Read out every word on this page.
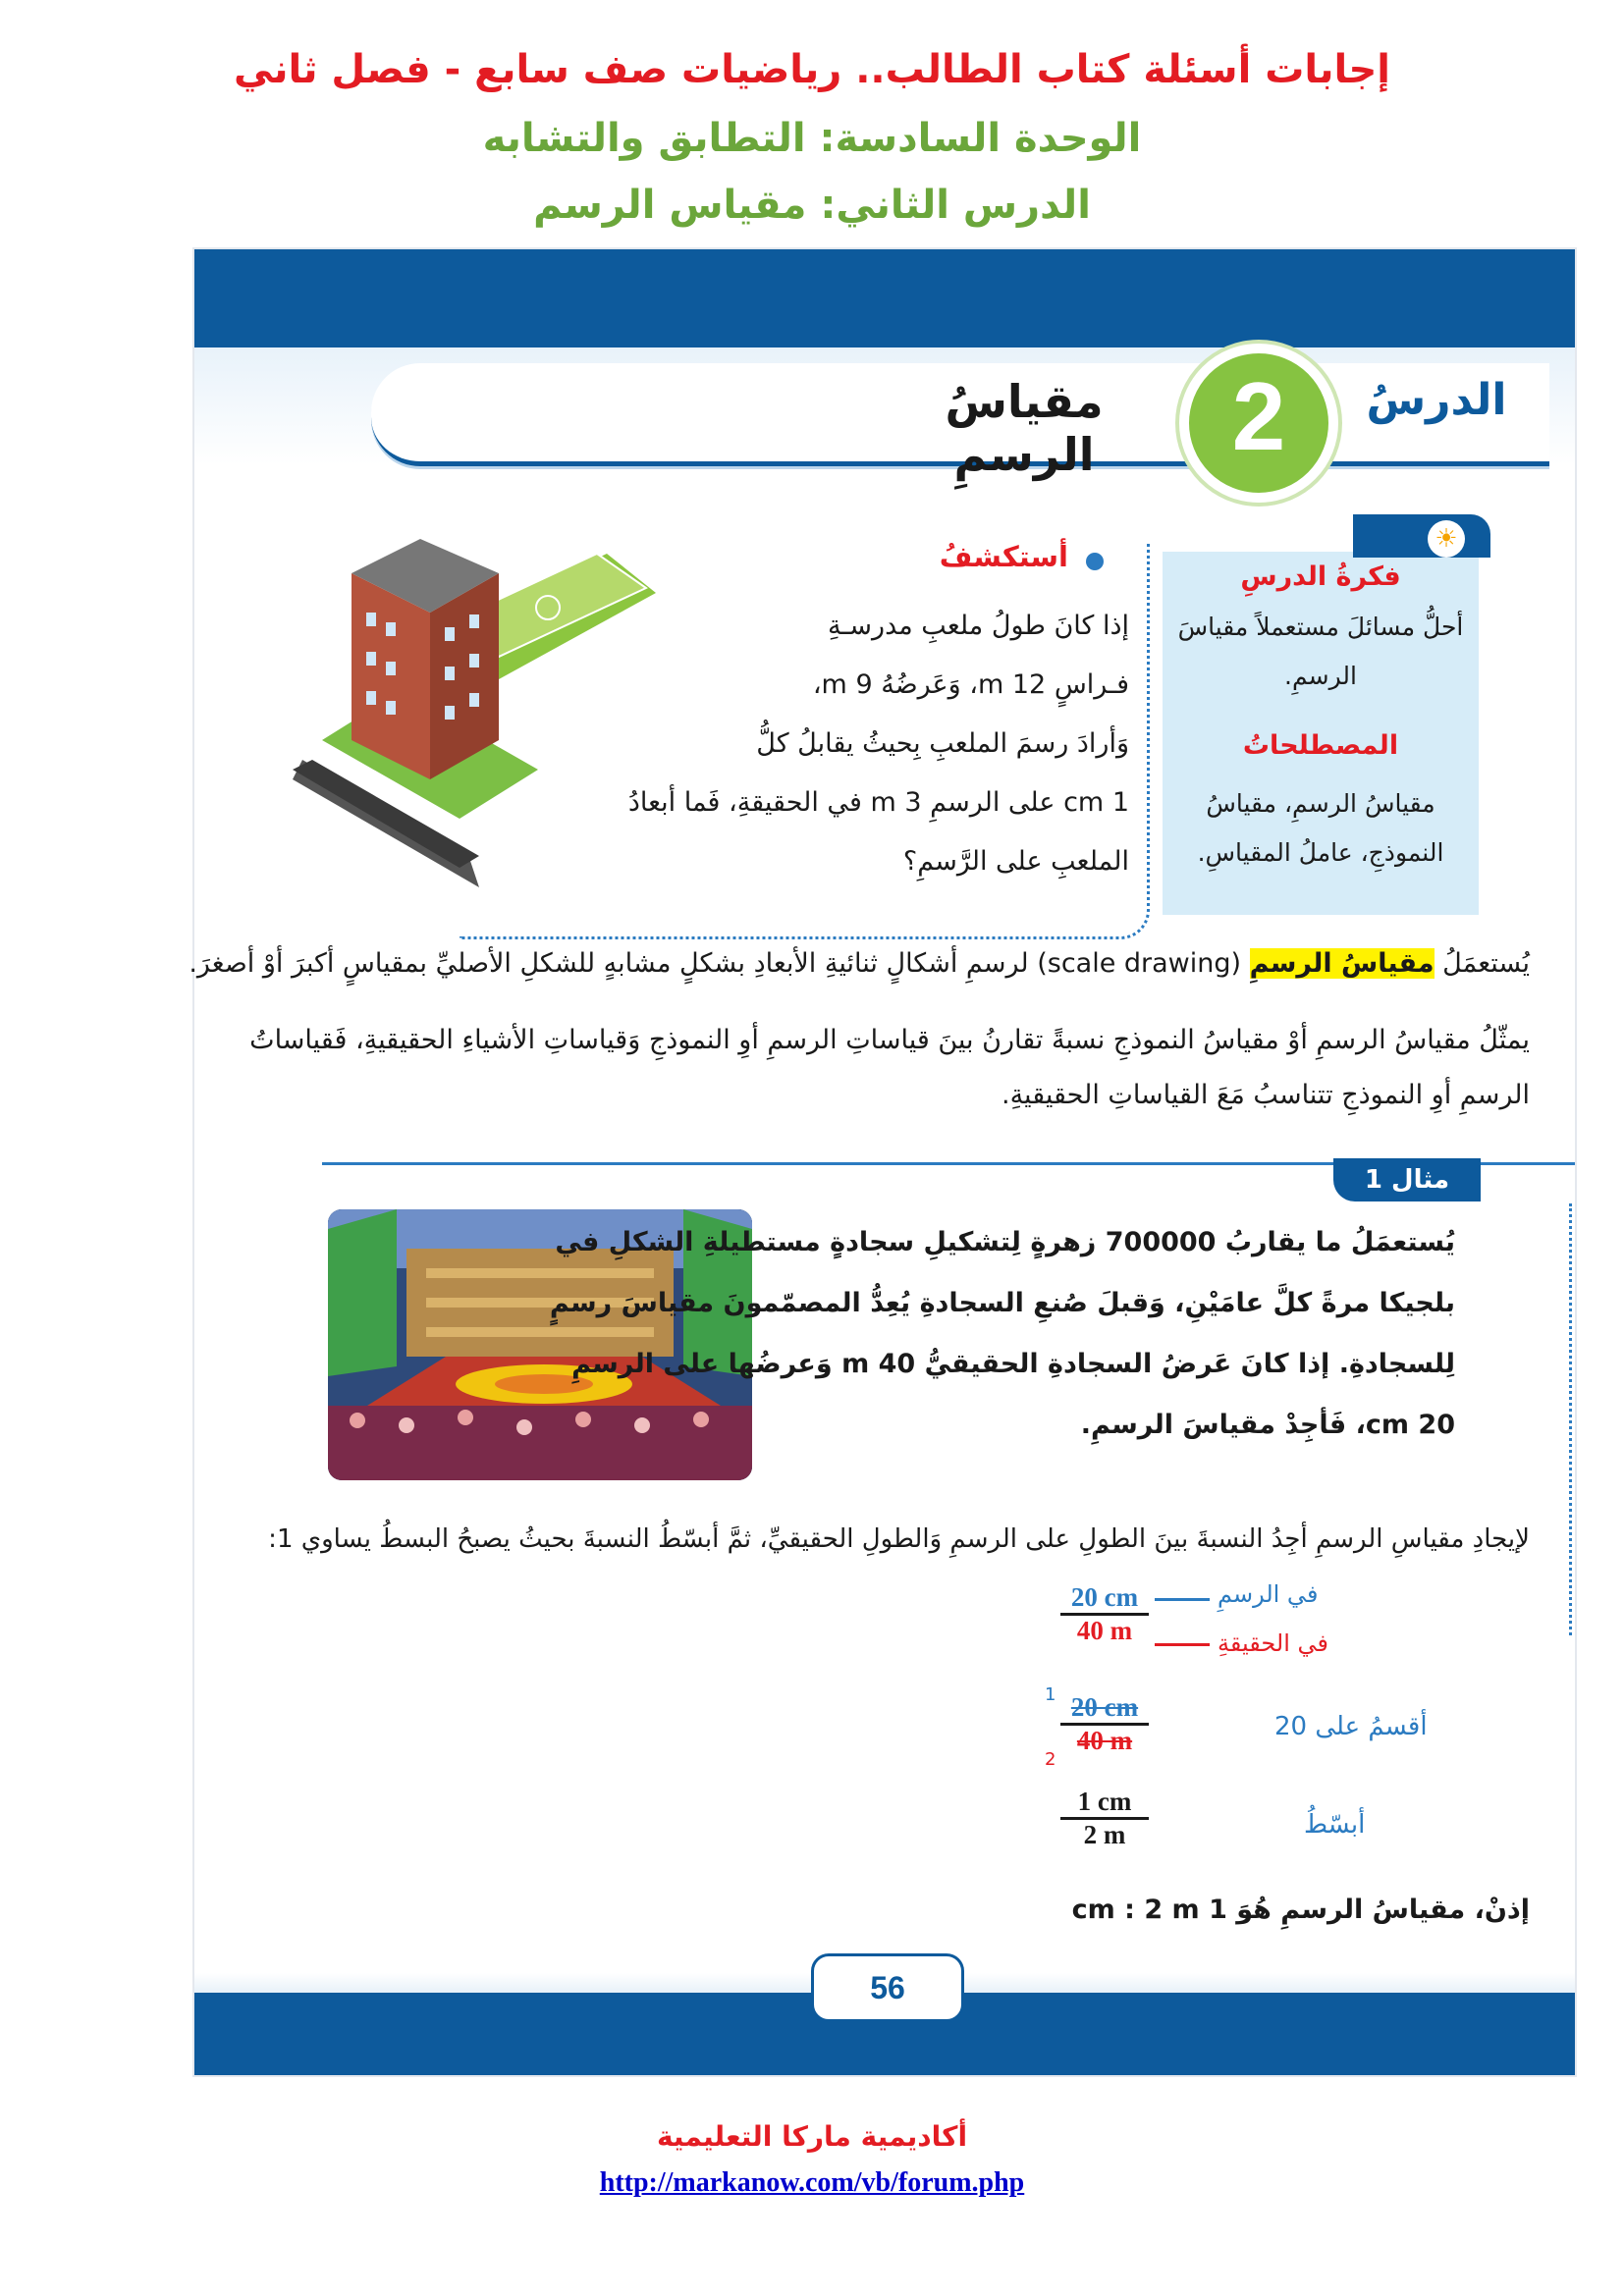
إجابات أسئلة كتاب الطالب.. رياضيات صف سابع - فصل ثاني
الوحدة السادسة: التطابق والتشابه
الدرس الثاني: مقياس الرسم
الدرسُ
2
مقياسُ الرسمِ
☀
فكرةُ الدرسِ
أحلُّ مسائلَ مستعملاً مقياسَ
الرسمِ.
المصطلحاتُ
مقياسُ الرسمِ، مقياسُ
النموذجِ، عاملُ المقياسِ.
أستكشفُ
إذا كانَ طولُ ملعبِ مدرسـةِ
فـراسٍ 12 m، وَعَرضُهُ 9 m،
وَأرادَ رسمَ الملعبِ بِحيثُ يقابلُ كلُّ
1 cm على الرسمِ 3 m في الحقيقةِ، فَما أبعادُ
الملعبِ على الرَّسمِ؟
يُستعمَلُ مقياسُ الرسمِ (scale drawing) لرسمِ أشكالٍ ثنائيةِ الأبعادِ بشكلٍ مشابهٍ للشكلِ الأصليِّ بمقياسٍ أكبرَ أوْ أصغرَ.
يمثّلُ مقياسُ الرسمِ أوْ مقياسُ النموذجِ نسبةً تقارنُ بينَ قياساتِ الرسمِ أوِ النموذجِ وَقياساتِ الأشياءِ الحقيقيةِ، فَقياساتُ
الرسمِ أوِ النموذجِ تتناسبُ مَعَ القياساتِ الحقيقيةِ.
مثال 1
يُستعمَلُ ما يقاربُ 700000 زهرةٍ لِتشكيلِ سجادةٍ مستطيلةِ الشكلِ في
بلجيكا مرةً كلَّ عامَيْنِ، وَقبلَ صُنعِ السجادةِ يُعِدُّ المصمّمونَ مقياسَ رسمٍ
لِلسجادةِ. إذا كانَ عَرضُ السجادةِ الحقيقيُّ 40 m وَعرضُها على الرسمِ
20 cm، فَأجِدْ مقياسَ الرسمِ.
لإيجادِ مقياسِ الرسمِ أجِدُ النسبةَ بينَ الطولِ على الرسمِ وَالطولِ الحقيقيِّ، ثمَّ أبسّطُ النسبةَ بحيثُ يصبحُ البسطُ يساوي 1:
20 cm
40 m
في الرسمِ
في الحقيقةِ
1 20 cm
40 m
2
أقسمُ على 20
1 cm
2 m	أبسّطُ
إذنْ، مقياسُ الرسمِ هُوَ 1 cm : 2 m
56
أكاديمية ماركا التعليمية
http://markanow.com/vb/forum.php
